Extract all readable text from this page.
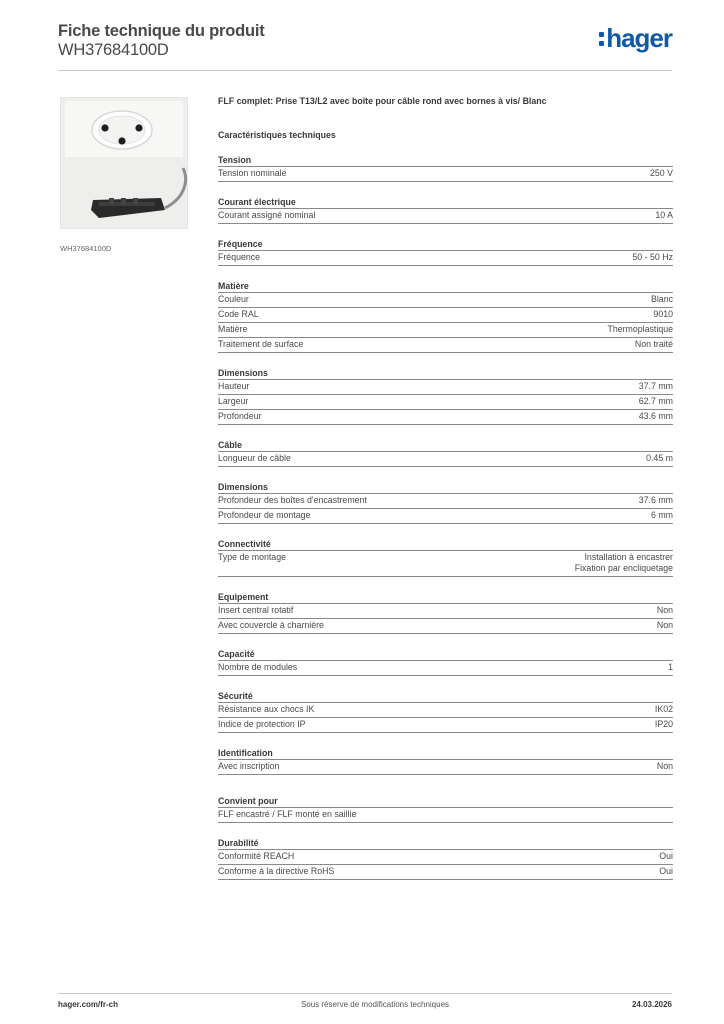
Fiche technique du produit
WH37684100D	hager
WH37684100D
FLF complet: Prise T13/L2 avec boîte pour câble rond avec bornes à vis/ Blanc
Caractéristiques techniques
Tension
Tension nominale	250 V
Courant électrique
Courant assigné nominal	10 A
Fréquence
Fréquence	50 - 50 Hz
Matière
Couleur	Blanc
Code RAL	9010
Matière	Thermoplastique
Traitement de surface	Non traité
Dimensions
Hauteur	37.7 mm
Largeur	62.7 mm
Profondeur	43.6 mm
Câble
Longueur de câble	0.45 m
Dimensions
Profondeur des boîtes d'encastrement	37.6 mm
Profondeur de montage	6 mm
Connectivité
Type de montage	Installation à encastrer
Fixation par encliquetage
Equipement
Insert central rotatif	Non
Avec couvercle à charnière	Non
Capacité
Nombre de modules	1
Sécurité
Résistance aux chocs IK	IK02
Indice de protection IP	IP20
Identification
Avec inscription	Non
Convient pour
FLF encastré / FLF monté en saillie
Durabilité
Conformité REACH	Oui
Conforme à la directive RoHS	Oui
hager.com/fr-ch	Sous réserve de modifications techniques	24.03.2026
